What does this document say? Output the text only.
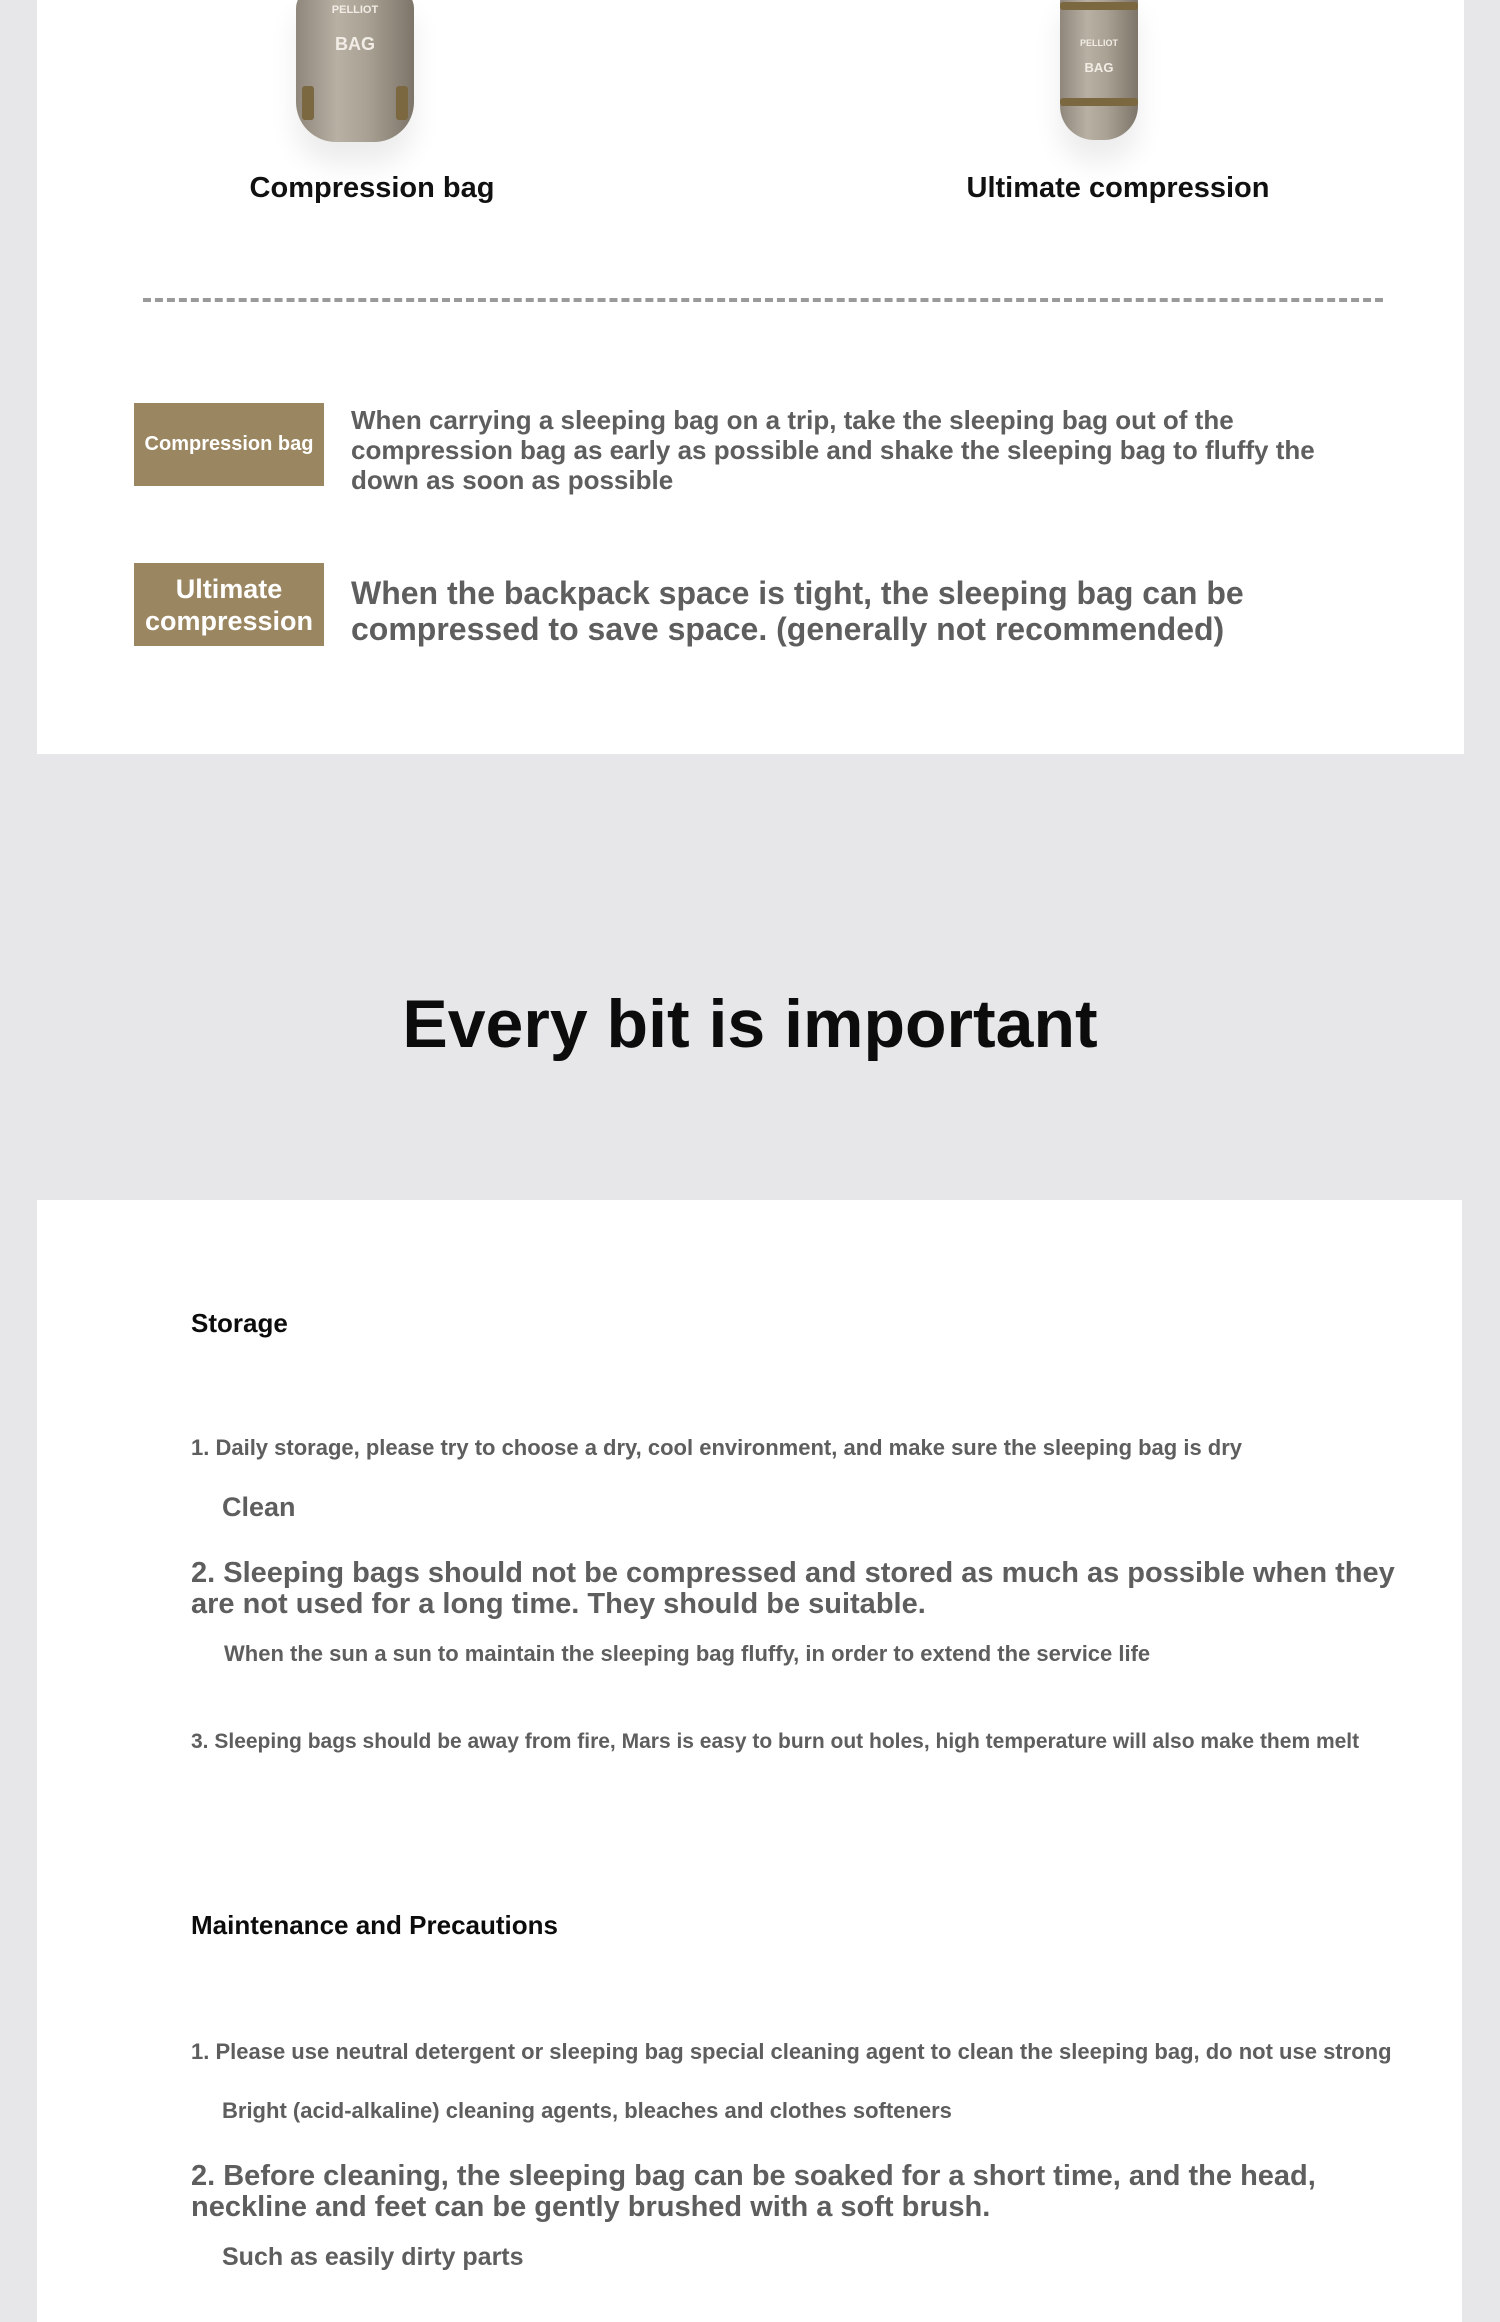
PELLIOT
BAG	PELLIOT
BAG
Compression bag	Ultimate compression
Compression bag
When carrying a sleeping bag on a trip, take the sleeping bag out of the compression bag as early as possible and shake the sleeping bag to fluffy the down as soon as possible
Ultimate compression
When the backpack space is tight, the sleeping bag can be compressed to save space. (generally not recommended)
Every bit is important
Storage
1. Daily storage, please try to choose a dry, cool environment, and make sure the sleeping bag is dry
Clean
2. Sleeping bags should not be compressed and stored as much as possible when they are not used for a long time. They should be suitable.
When the sun a sun to maintain the sleeping bag fluffy, in order to extend the service life
3. Sleeping bags should be away from fire, Mars is easy to burn out holes, high temperature will also make them melt
Maintenance and Precautions
1. Please use neutral detergent or sleeping bag special cleaning agent to clean the sleeping bag, do not use strong
Bright (acid-alkaline) cleaning agents, bleaches and clothes softeners
2. Before cleaning, the sleeping bag can be soaked for a short time, and the head, neckline and feet can be gently brushed with a soft brush.
Such as easily dirty parts
